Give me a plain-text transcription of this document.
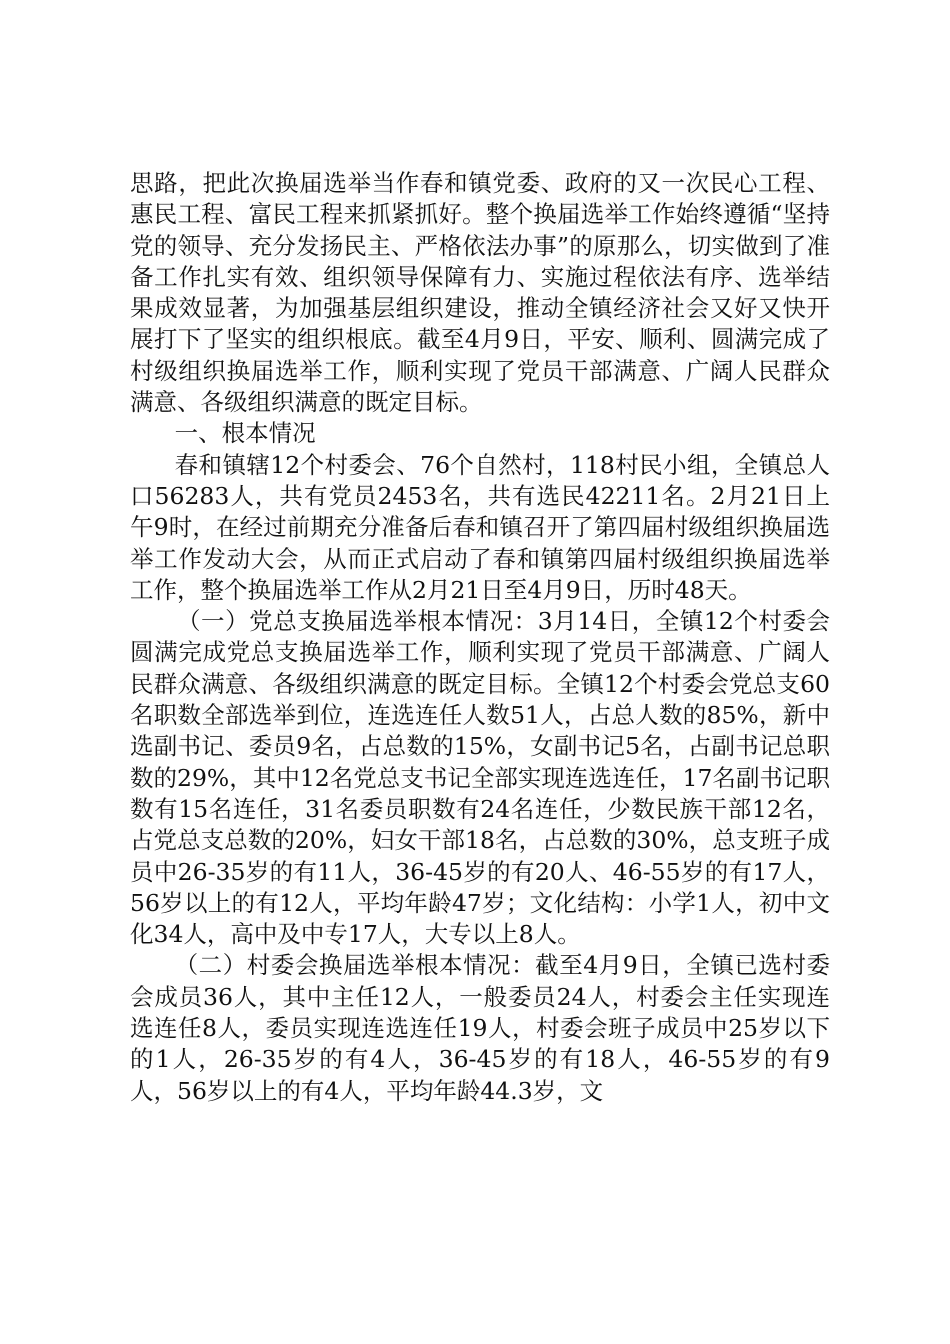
思路，把此次换届选举当作春和镇党委、政府的又一次民心工程、惠民工程、富民工程来抓紧抓好。整个换届选举工作始终遵循“坚持党的领导、充分发扬民主、严格依法办事”的原那么，切实做到了准备工作扎实有效、组织领导保障有力、实施过程依法有序、选举结果成效显著，为加强基层组织建设，推动全镇经济社会又好又快开展打下了坚实的组织根底。截至4月9日，平安、顺利、圆满完成了村级组织换届选举工作，顺利实现了党员干部满意、广阔人民群众满意、各级组织满意的既定目标。

一、根本情况

春和镇辖12个村委会、76个自然村，118村民小组，全镇总人口56283人，共有党员2453名，共有选民42211名。2月21日上午9时，在经过前期充分准备后春和镇召开了第四届村级组织换届选举工作发动大会，从而正式启动了春和镇第四届村级组织换届选举工作，整个换届选举工作从2月21日至4月9日，历时48天。

（一）党总支换届选举根本情况：3月14日，全镇12个村委会圆满完成党总支换届选举工作，顺利实现了党员干部满意、广阔人民群众满意、各级组织满意的既定目标。全镇12个村委会党总支60名职数全部选举到位，连选连任人数51人，占总人数的85%，新中选副书记、委员9名，占总数的15%，女副书记5名，占副书记总职数的29%，其中12名党总支书记全部实现连选连任，17名副书记职数有15名连任，31名委员职数有24名连任，少数民族干部12名，占党总支总数的20%，妇女干部18名，占总数的30%，总支班子成员中26-35岁的有11人，36-45岁的有20人、46-55岁的有17人，56岁以上的有12人，平均年龄47岁；文化结构：小学1人，初中文化34人，高中及中专17人，大专以上8人。

（二）村委会换届选举根本情况：截至4月9日，全镇已选村委会成员36人，其中主任12人，一般委员24人，村委会主任实现连选连任8人，委员实现连选连任19人，村委会班子成员中25岁以下的1人，26-35岁的有4人，36-45岁的有18人，46-55岁的有9人，56岁以上的有4人，平均年龄44.3岁，文
